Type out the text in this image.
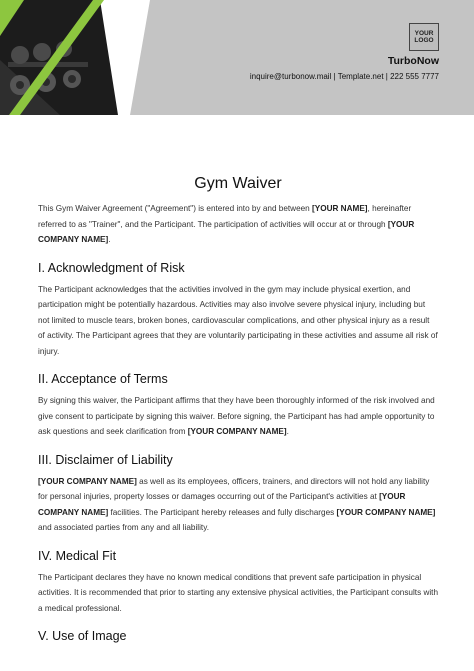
YOUR LOGO
TurboNow
inquire@turbonow.mail | Template.net | 222 555 7777
Gym Waiver

This Gym Waiver Agreement ("Agreement") is entered into by and between [YOUR NAME], hereinafter referred to as "Trainer", and the Participant. The participation of activities will occur at or through [YOUR COMPANY NAME].

I. Acknowledgment of Risk

The Participant acknowledges that the activities involved in the gym may include physical exertion, and participation might be potentially hazardous. Activities may also involve severe physical injury, including but not limited to muscle tears, broken bones, cardiovascular complications, and other physical injury as a result of activity. The Participant agrees that they are voluntarily participating in these activities and assume all risk of injury.

II. Acceptance of Terms

By signing this waiver, the Participant affirms that they have been thoroughly informed of the risk involved and give consent to participate by signing this waiver. Before signing, the Participant has had ample opportunity to ask questions and seek clarification from [YOUR COMPANY NAME].

III. Disclaimer of Liability

[YOUR COMPANY NAME] as well as its employees, officers, trainers, and directors will not hold any liability for personal injuries, property losses or damages occurring out of the Participant's activities at [YOUR COMPANY NAME] facilities. The Participant hereby releases and fully discharges [YOUR COMPANY NAME] and associated parties from any and all liability.

IV. Medical Fit

The Participant declares they have no known medical conditions that prevent safe participation in physical activities. It is recommended that prior to starting any extensive physical activities, the Participant consults with a medical professional.

V. Use of Image
